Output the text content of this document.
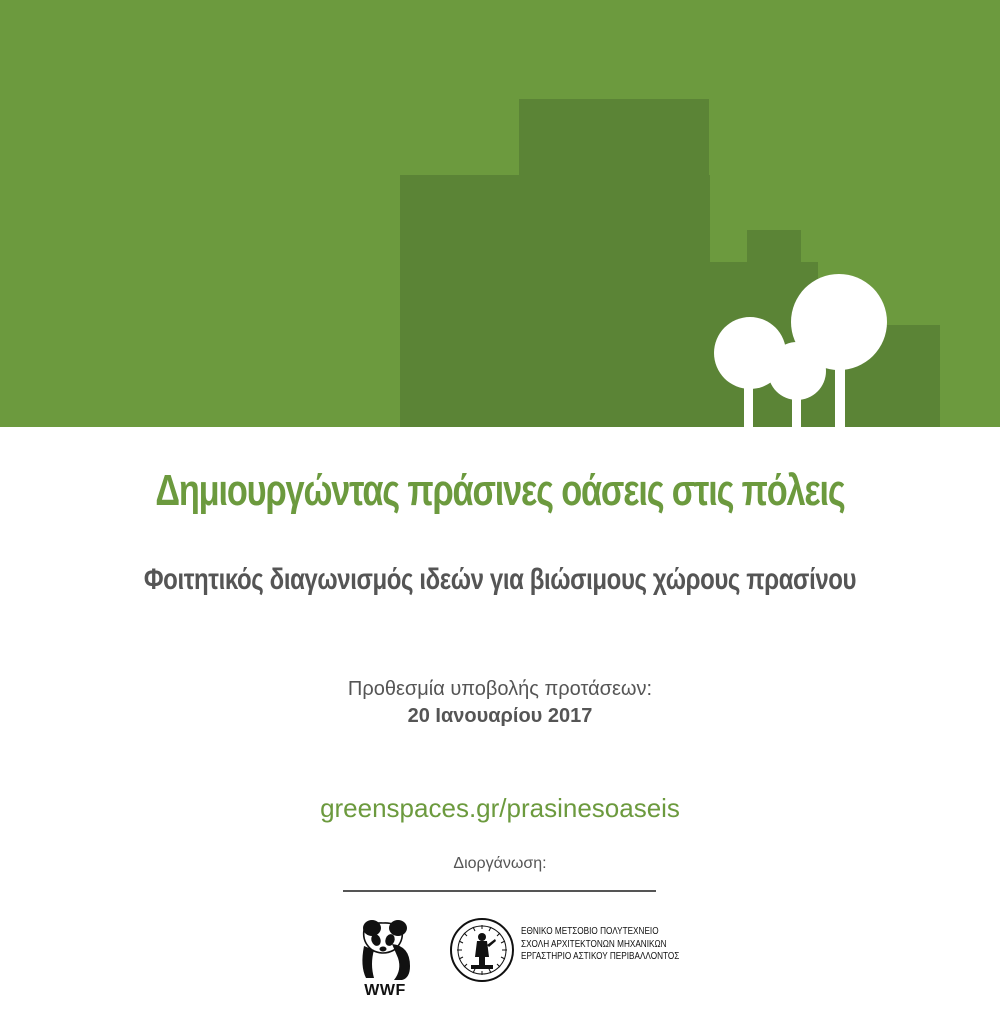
Δημιουργώντας πράσινες οάσεις στις πόλεις
Φοιτητικός διαγωνισμός ιδεών για βιώσιμους χώρους πρασίνου
Προθεσμία υποβολής προτάσεων:
20 Ιανουαρίου 2017
greenspaces.gr/prasinesoaseis
Διοργάνωση:
WWF
ΕΘΝΙΚΟ ΜΕΤΣΟΒΙΟ ΠΟΛΥΤΕΧΝΕΙΟ
ΣΧΟΛΗ ΑΡΧΙΤΕΚΤΟΝΩΝ ΜΗΧΑΝΙΚΩΝ
ΕΡΓΑΣΤΗΡΙΟ ΑΣΤΙΚΟΥ ΠΕΡΙΒΑΛΛΟΝΤΟΣ
